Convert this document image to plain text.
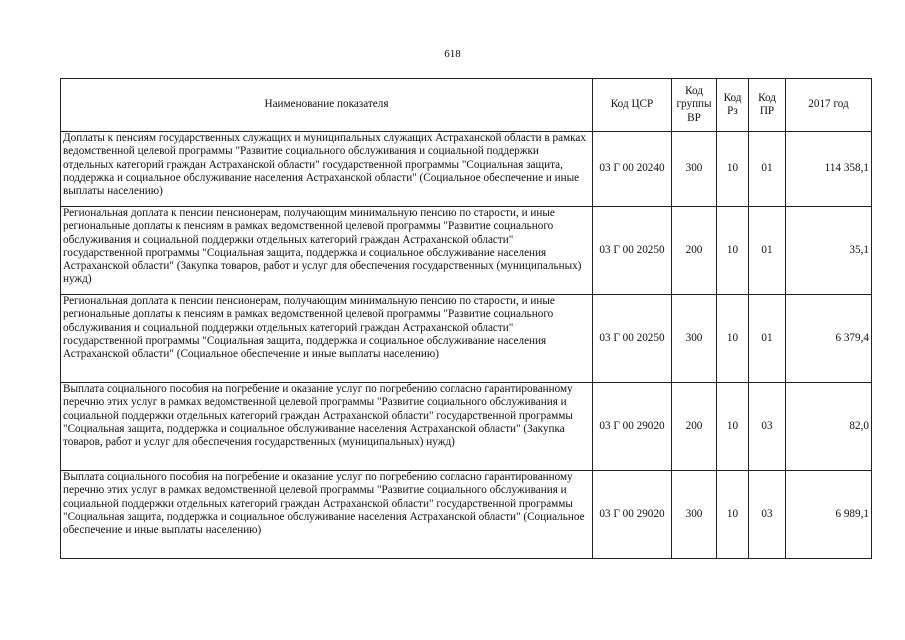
618
Наименование показателя	Код ЦСР	Код группы ВР	Код Рз	Код ПР	2017 год
Доплаты к пенсиям государственных служащих и муниципальных служащих Астраханской области в рамках ведомственной целевой программы "Развитие социального обслуживания и социальной поддержки отдельных категорий граждан Астраханской области" государственной программы "Социальная защита, поддержка и социальное обслуживание населения Астраханской области" (Социальное обеспечение и иные выплаты населению)	03 Г 00 20240	300	10	01	114 358,1
Региональная доплата к пенсии пенсионерам, получающим минимальную пенсию по старости, и иные региональные доплаты к пенсиям в рамках ведомственной целевой программы "Развитие социального обслуживания и социальной поддержки отдельных категорий граждан Астраханской области" государственной программы "Социальная защита, поддержка и социальное обслуживание населения Астраханской области" (Закупка товаров, работ и услуг для обеспечения государственных (муниципальных) нужд)	03 Г 00 20250	200	10	01	35,1
Региональная доплата к пенсии пенсионерам, получающим минимальную пенсию по старости, и иные региональные доплаты к пенсиям в рамках ведомственной целевой программы "Развитие социального обслуживания и социальной поддержки отдельных категорий граждан Астраханской области" государственной программы "Социальная защита, поддержка и социальное обслуживание населения Астраханской области" (Социальное обеспечение и иные выплаты населению)	03 Г 00 20250	300	10	01	6 379,4
Выплата социального пособия на погребение и оказание услуг по погребению согласно гарантированному перечню этих услуг в рамках ведомственной целевой программы "Развитие социального обслуживания и социальной поддержки отдельных категорий граждан Астраханской области" государственной программы "Социальная защита, поддержка и социальное обслуживание населения Астраханской области" (Закупка товаров, работ и услуг для обеспечения государственных (муниципальных) нужд)	03 Г 00 29020	200	10	03	82,0
Выплата социального пособия на погребение и оказание услуг по погребению согласно гарантированному перечню этих услуг в рамках ведомственной целевой программы "Развитие социального обслуживания и социальной поддержки отдельных категорий граждан Астраханской области" государственной программы "Социальная защита, поддержка и социальное обслуживание населения Астраханской области" (Социальное обеспечение и иные выплаты населению)	03 Г 00 29020	300	10	03	6 989,1
